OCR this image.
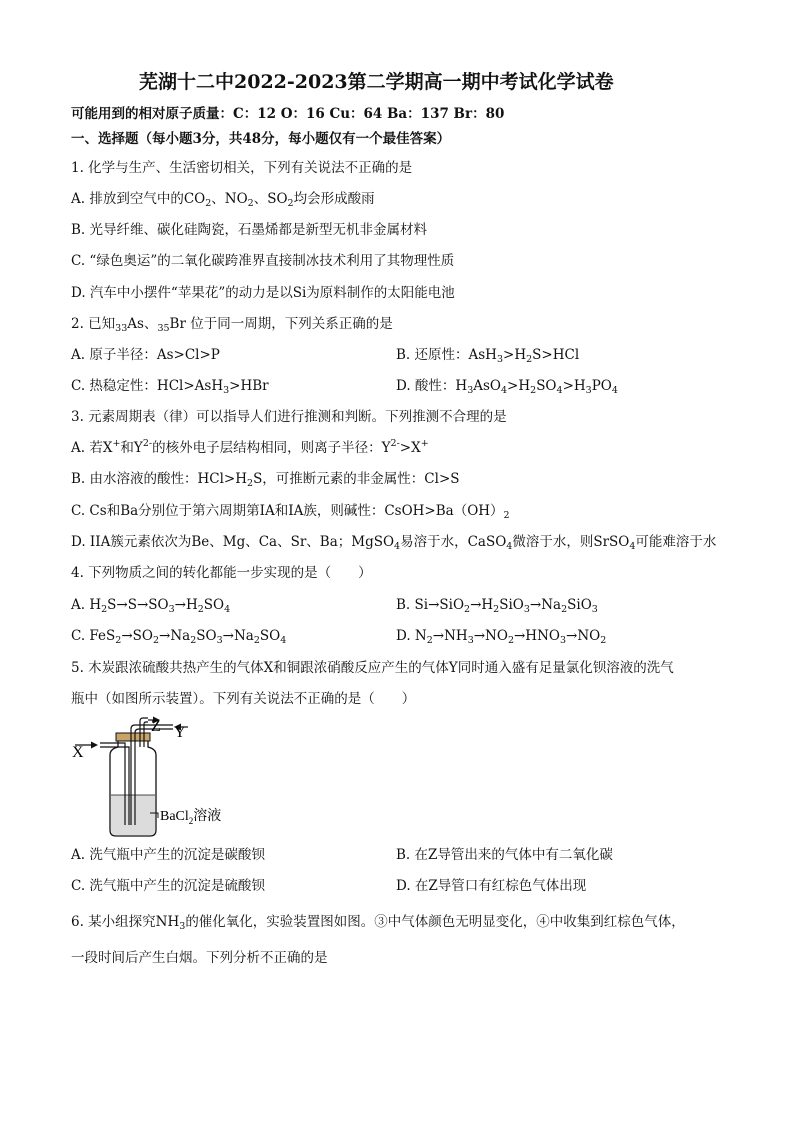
芜湖十二中2022-2023第二学期高一期中考试化学试卷
可能用到的相对原子质量：C：12 O：16 Cu：64 Ba：137 Br：80
一、选择题（每小题3分，共48分，每小题仅有一个最佳答案）
1. 化学与生产、生活密切相关，下列有关说法不正确的是
A. 排放到空气中的$CO_2$、$NO_2$、$SO_2$均会形成酸雨
B. 光导纤维、碳化硅陶瓷，石墨烯都是新型无机非金属材料
C. “绿色奥运”的二氧化碳跨准界直接制冰技术利用了其物理性质
D. 汽车中小摆件“苹果花”的动力是以Si为原料制作的太阳能电池
2. 已知$_{33}$As、$_{35}$Br 位于同一周期，下列关系正确的是
A. 原子半径：As>Cl>P	B. 还原性：$AsH_3>H_2S>HCl$
C. 热稳定性：HCl>AsH$_3$>HBr	D. 酸性：$H_3AsO_4>H_2SO_4>H_3PO_4$
3. 元素周期表（律）可以指导人们进行推测和判断。下列推测不合理的是
A. 若X+和$Y^{2-}$的核外电子层结构相同，则离子半径：$Y^{2-}>X^+$
B. 由水溶液的酸性：$HCl>H_2S$，可推断元素的非金属性：Cl>S
C. Cs和Ba分别位于第六周期第IA和IA族，则碱性：$CsOH>Ba(OH)_2$
D. IIA簇元素依次为Be、Mg、Ca、Sr、Ba；MgSO$_4$易溶于水，CaSO$_4$微溶于水，则SrSO$_4$可能难溶于水
4. 下列物质之间的转化都能一步实现的是（　　）
A. $H_2S\to S\to SO_3\to H_2SO_4$	B. $Si\to SiO_2\to H_2SiO_3\to Na_2SiO_3$
C. $FeS_2\to SO_2\to Na_2SO_3\to Na_2SO_4$	D. $N_2\to NH_3\to NO_2\to HNO_3\to NO_2$
5. 木炭跟浓硫酸共热产生的气体X和铜跟浓硝酸反应产生的气体Y同时通入盛有足量氯化钡溶液的洗气
瓶中（如图所示装置）。下列有关说法不正确的是（　　）
X
Y
Z
BaCl$_2$溶液
A. 洗气瓶中产生的沉淀是碳酸钡	B. 在Z导管出来的气体中有二氧化碳
C. 洗气瓶中产生的沉淀是硫酸钡	D. 在Z导管口有红棕色气体出现
6. 某小组探究$NH_3$的催化氧化，实验装置图如图。③中气体颜色无明显变化，④中收集到红棕色气体，
一段时间后产生白烟。下列分析不正确的是
